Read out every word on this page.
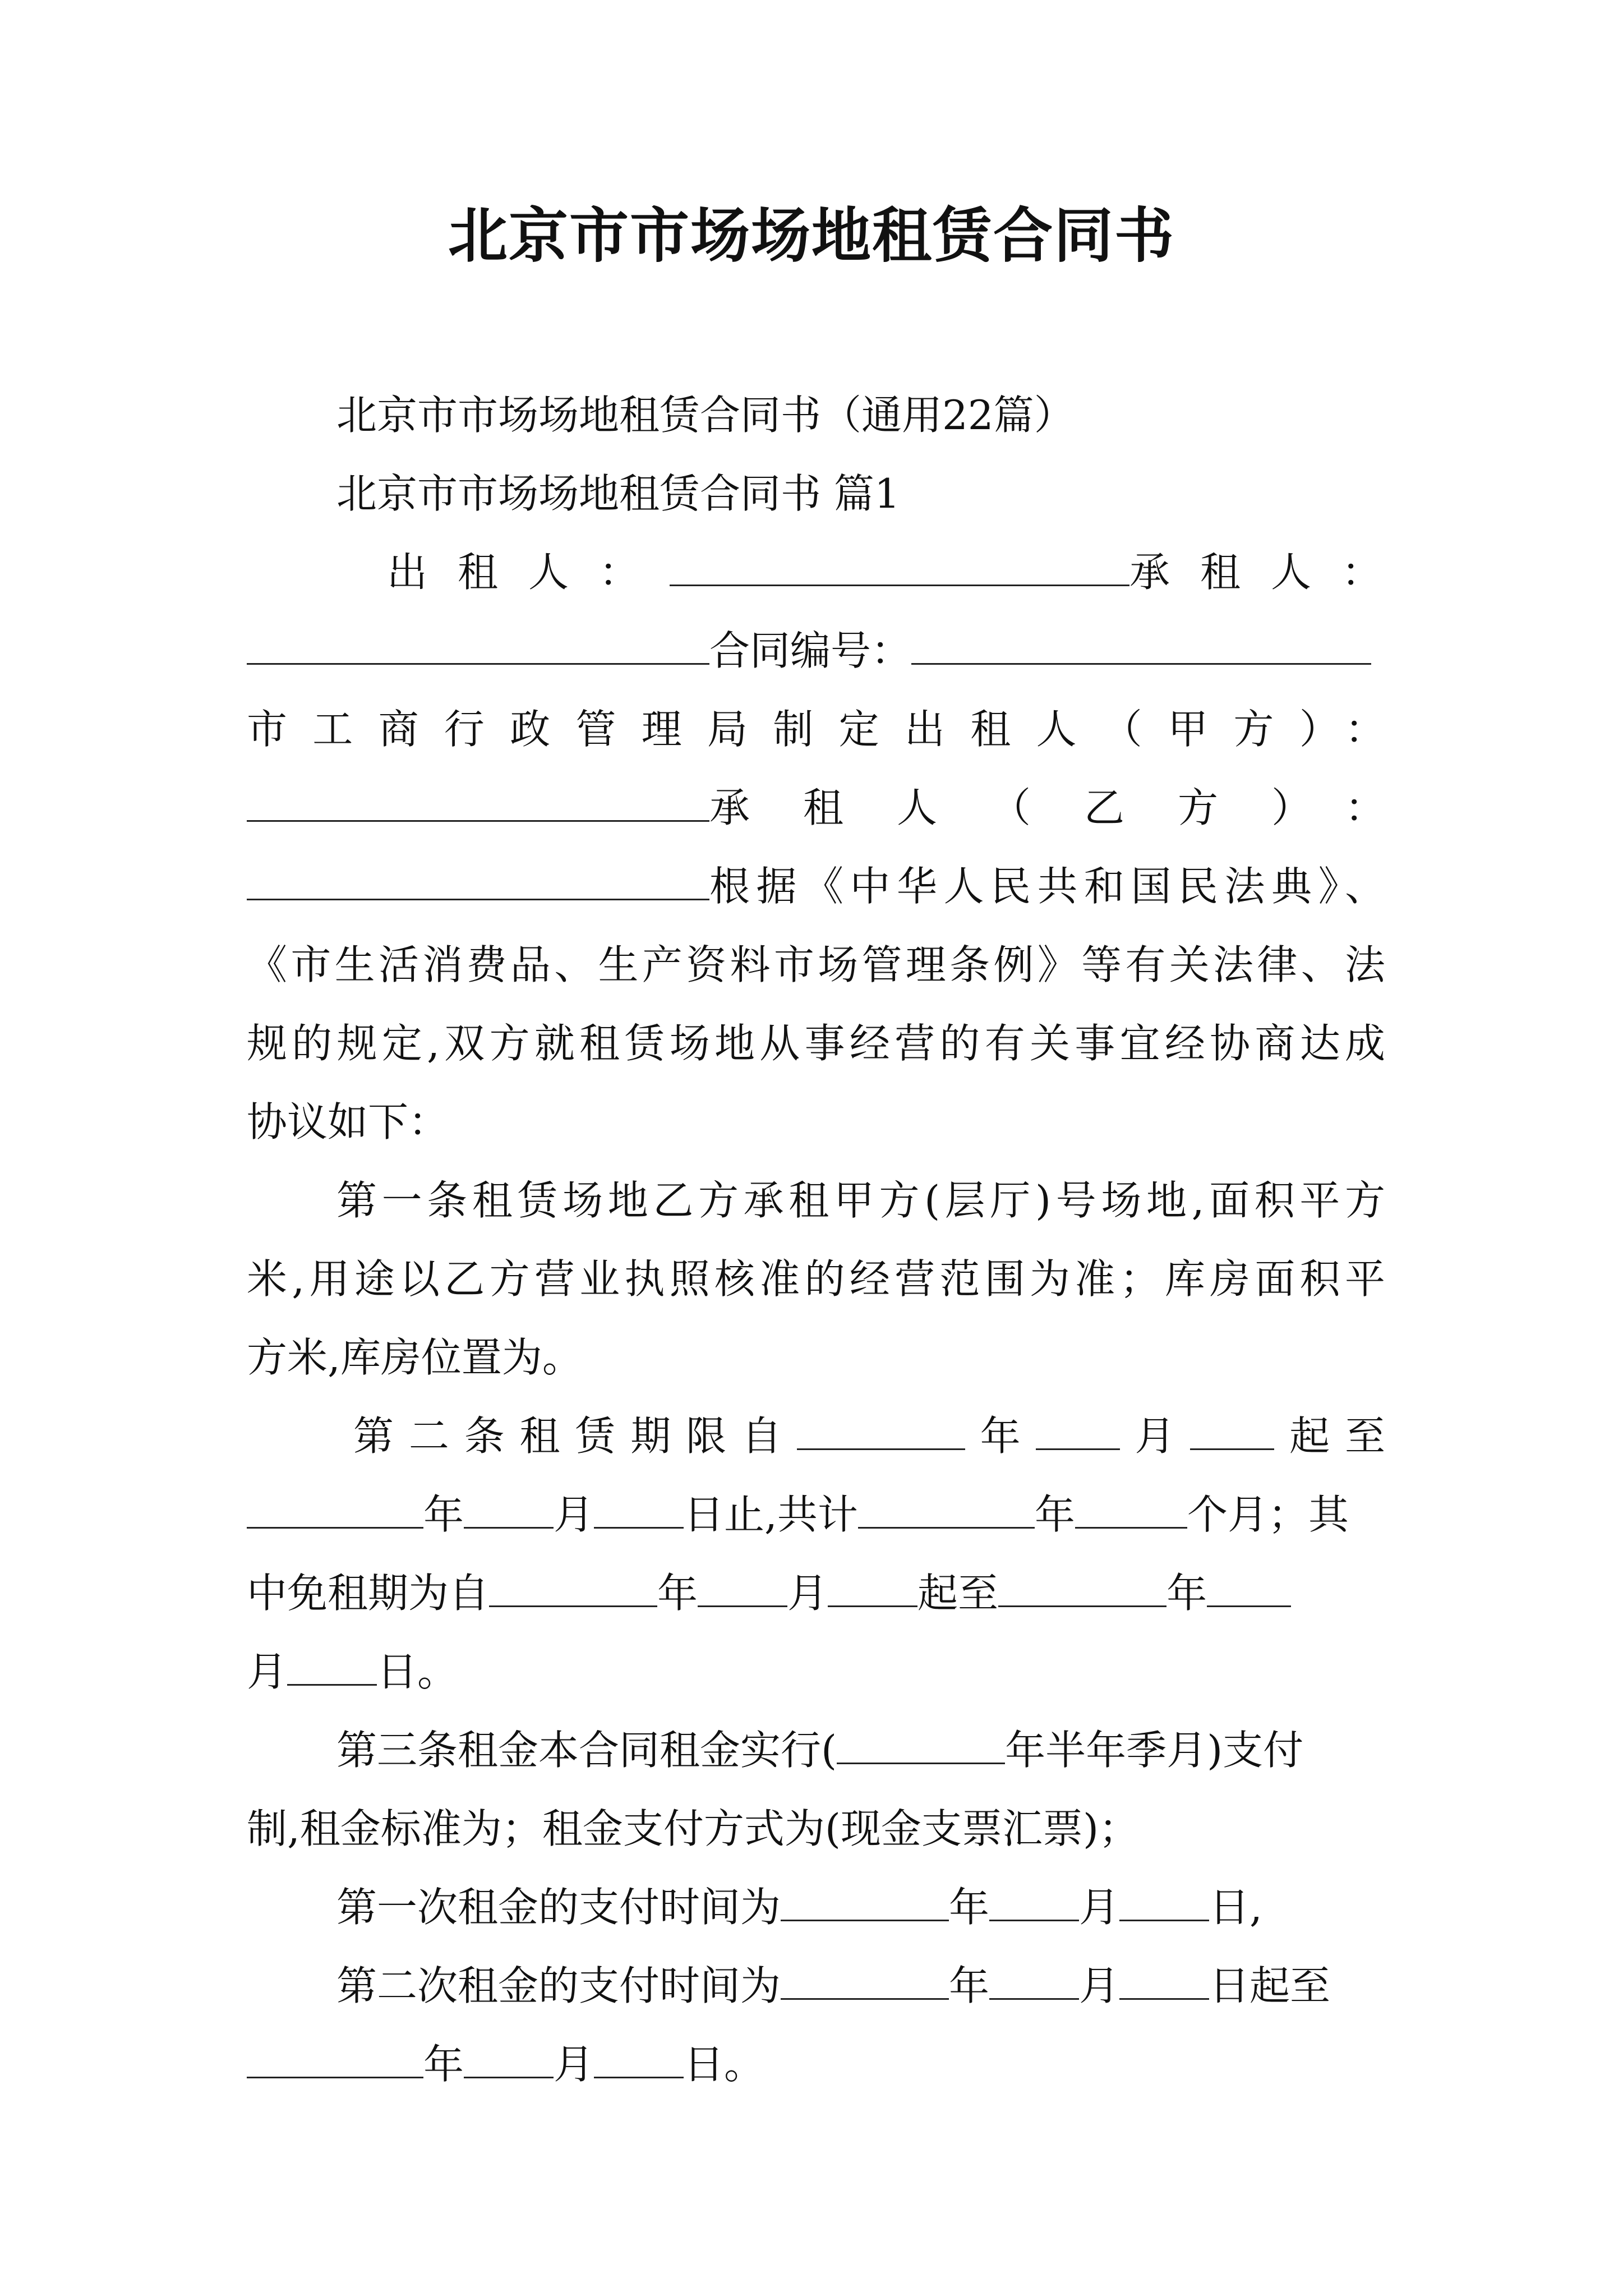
北京市市场场地租赁合同书
北京市市场场地租赁合同书（通用22篇）
北京市市场场地租赁合同书 篇1
出租人：	承租人：
合同编号：
市工商行政管理局制定出租人（甲方）：
承租人（乙方）：
根据《中华人民共和国民法典》、
《市生活消费品、生产资料市场管理条例》等有关法律、法
规的规定,双方就租赁场地从事经营的有关事宜经协商达成
协议如下：
第一条租赁场地乙方承租甲方(层厅)号场地,面积平方
米,用途以乙方营业执照核准的经营范围为准；库房面积平
方米,库房位置为。
第二条租赁期限自	年 月 起至
年 月 日止,共计	年	个月；其
中免租期为自	年 月 起至	年
月 日。
第三条租金本合同租金实行(	年半年季月)支付
制,租金标准为；租金支付方式为(现金支票汇票)；
第一次租金的支付时间为	年 月 日,
第二次租金的支付时间为	年 月 日起至
年 月 日。
